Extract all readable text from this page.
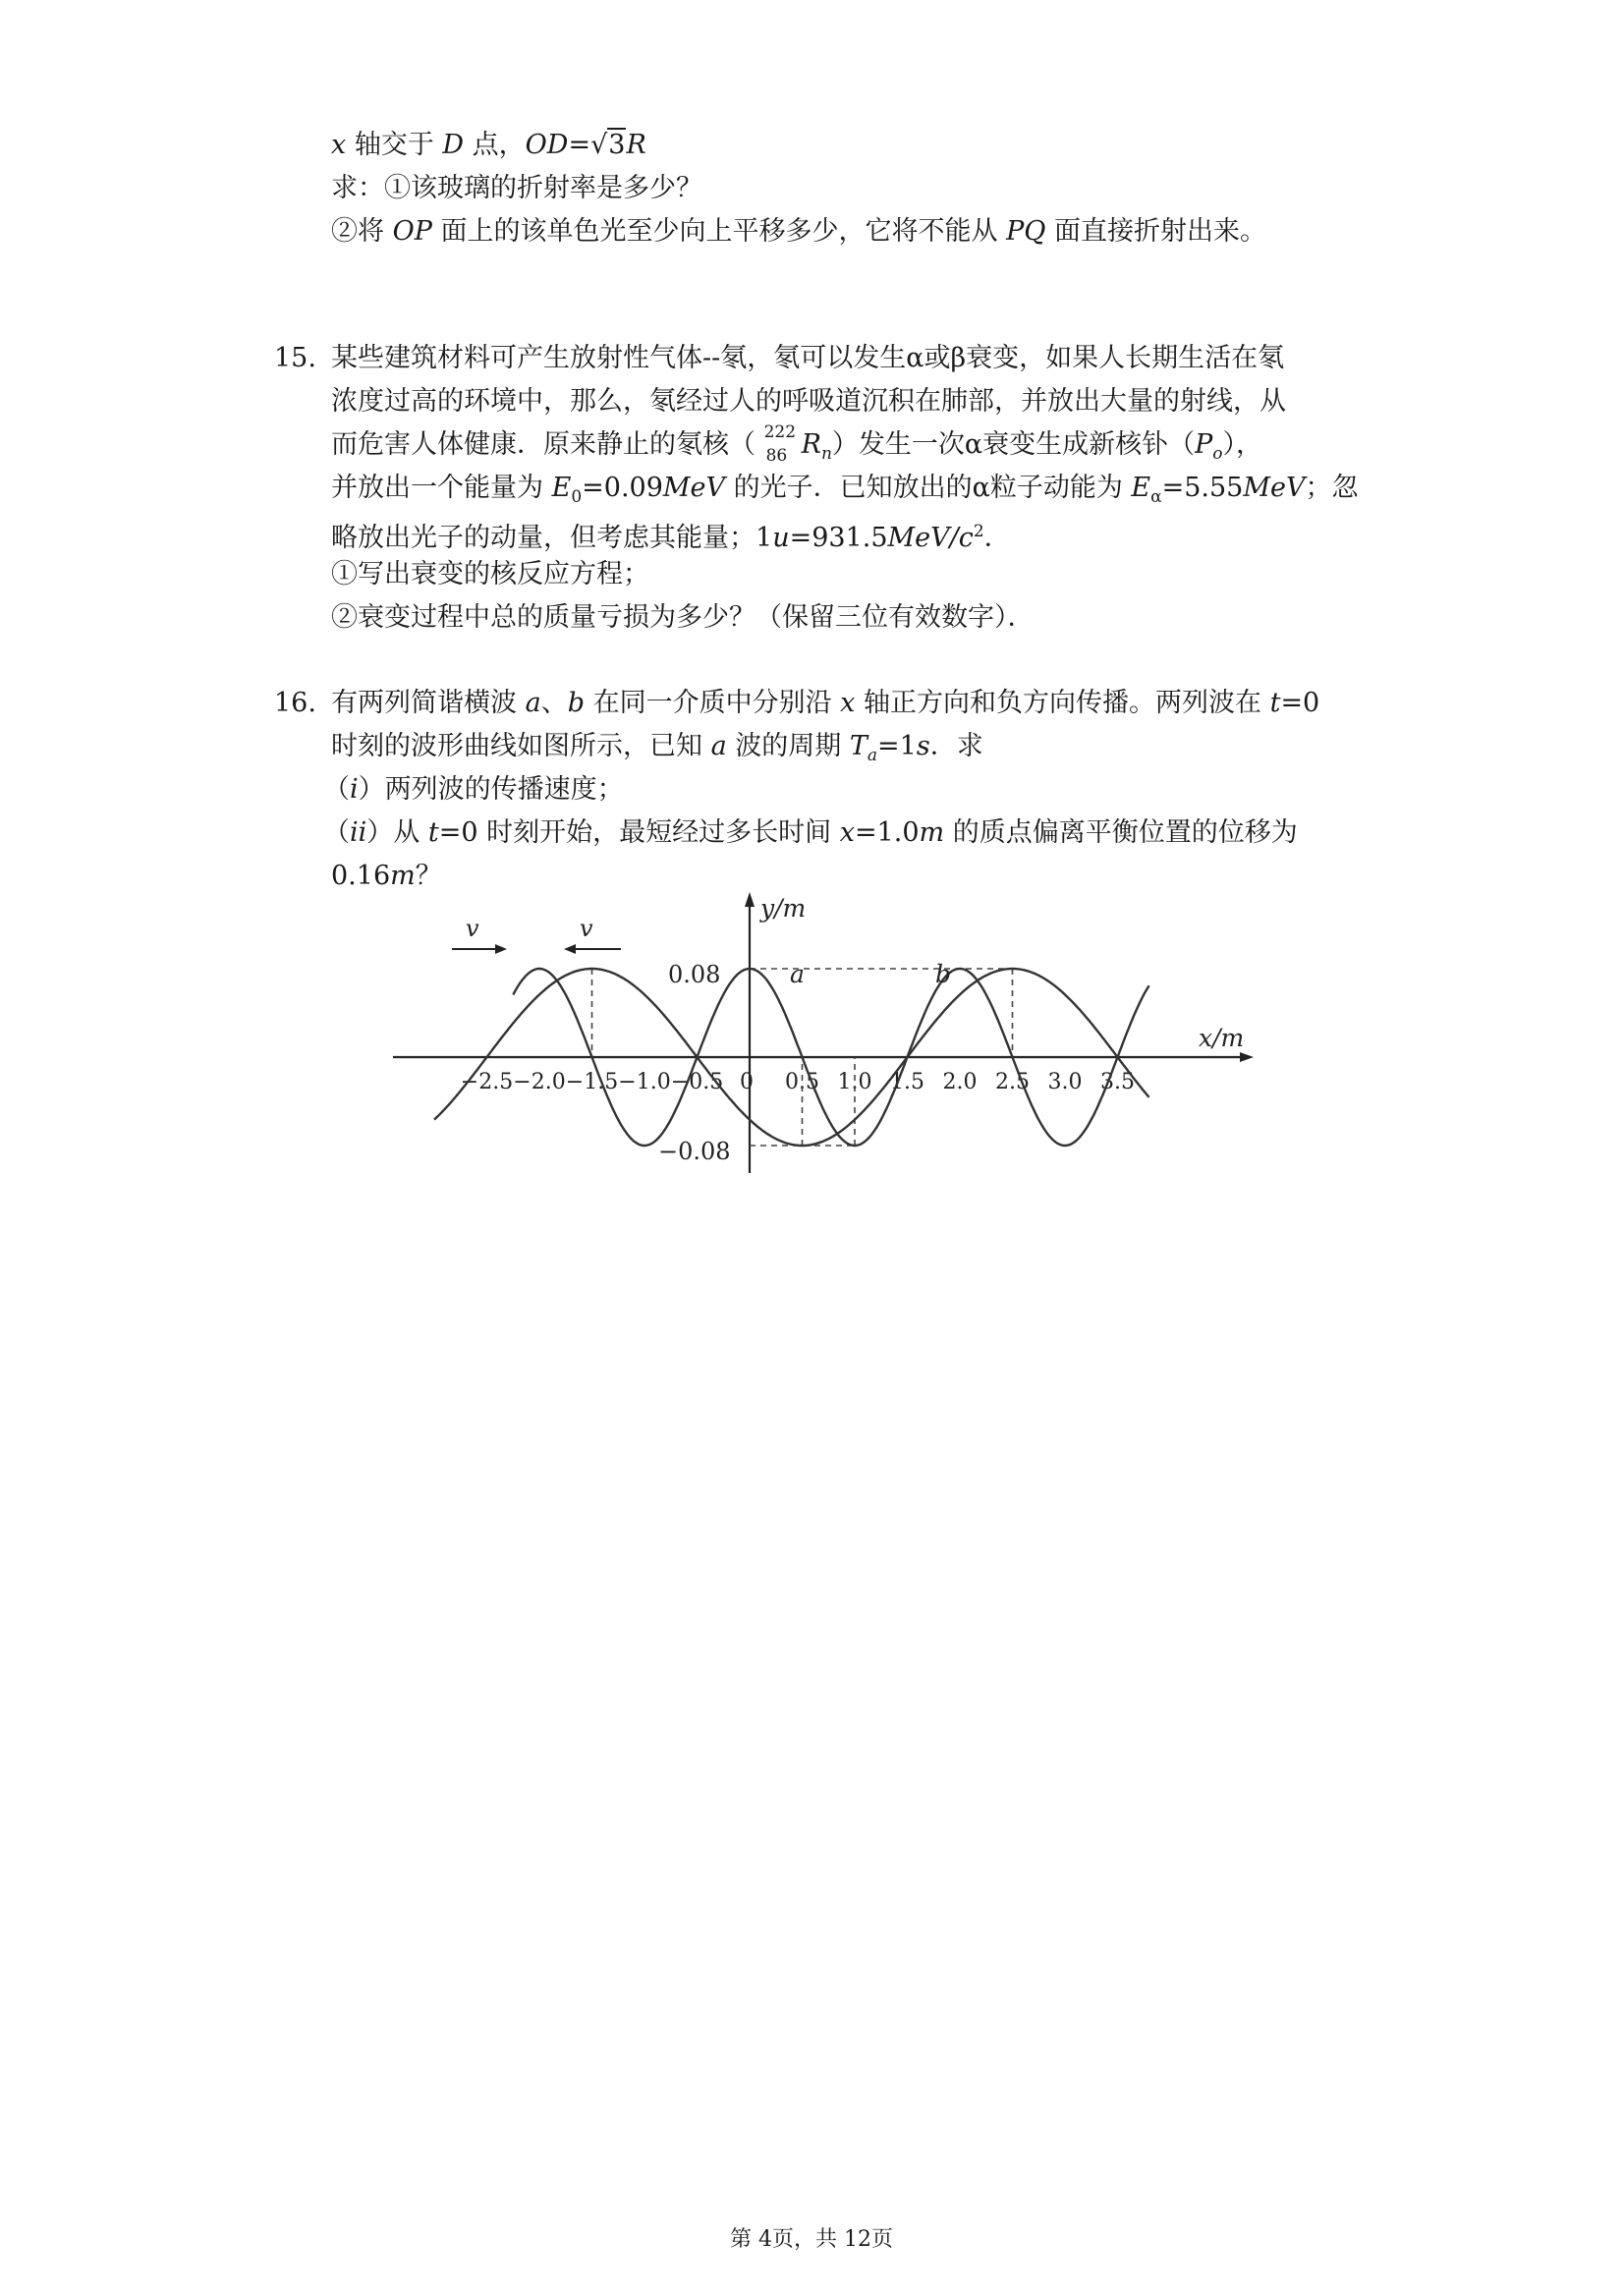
x 轴交于 D 点，OD=√3R
求：①该玻璃的折射率是多少？
②将 OP 面上的该单色光至少向上平移多少，它将不能从 PQ 面直接折射出来。
15. 某些建筑材料可产生放射性气体--氡，氡可以发生α或β衰变，如果人长期生活在氡
浓度过高的环境中，那么，氡经过人的呼吸道沉积在肺部，并放出大量的射线，从
而危害人体健康．原来静止的氡核（ 222
86 $R_n$）发生一次α衰变生成新核钋$(P_o)$，
并放出一个能量为 $E_0=0.09MeV$ 的光子．已知放出的α粒子动能为 $E_\alpha=5.55MeV$；忽
略放出光子的动量，但考虑其能量；$1u=931.5MeV/c^2$．
①写出衰变的核反应方程；
②衰变过程中总的质量亏损为多少？（保留三位有效数字）．
16. 有两列简谐横波 a、b 在同一介质中分别沿 x 轴正方向和负方向传播。两列波在 t=0
时刻的波形曲线如图所示，已知 a 波的周期 $T_a=1s$．求
（i）两列波的传播速度；
（ii）从 t=0 时刻开始，最短经过多长时间 x=1.0m 的质点偏离平衡位置的位移为
0.16m？
y/m
x/m
0.08
−0.08
−2.5 −2.0 −1.5 −1.0 −0.5 0 0.5 1.0 1.5 2.0 2.5 3.0 3.5
a	b
v	v
第 4页，共 12页
